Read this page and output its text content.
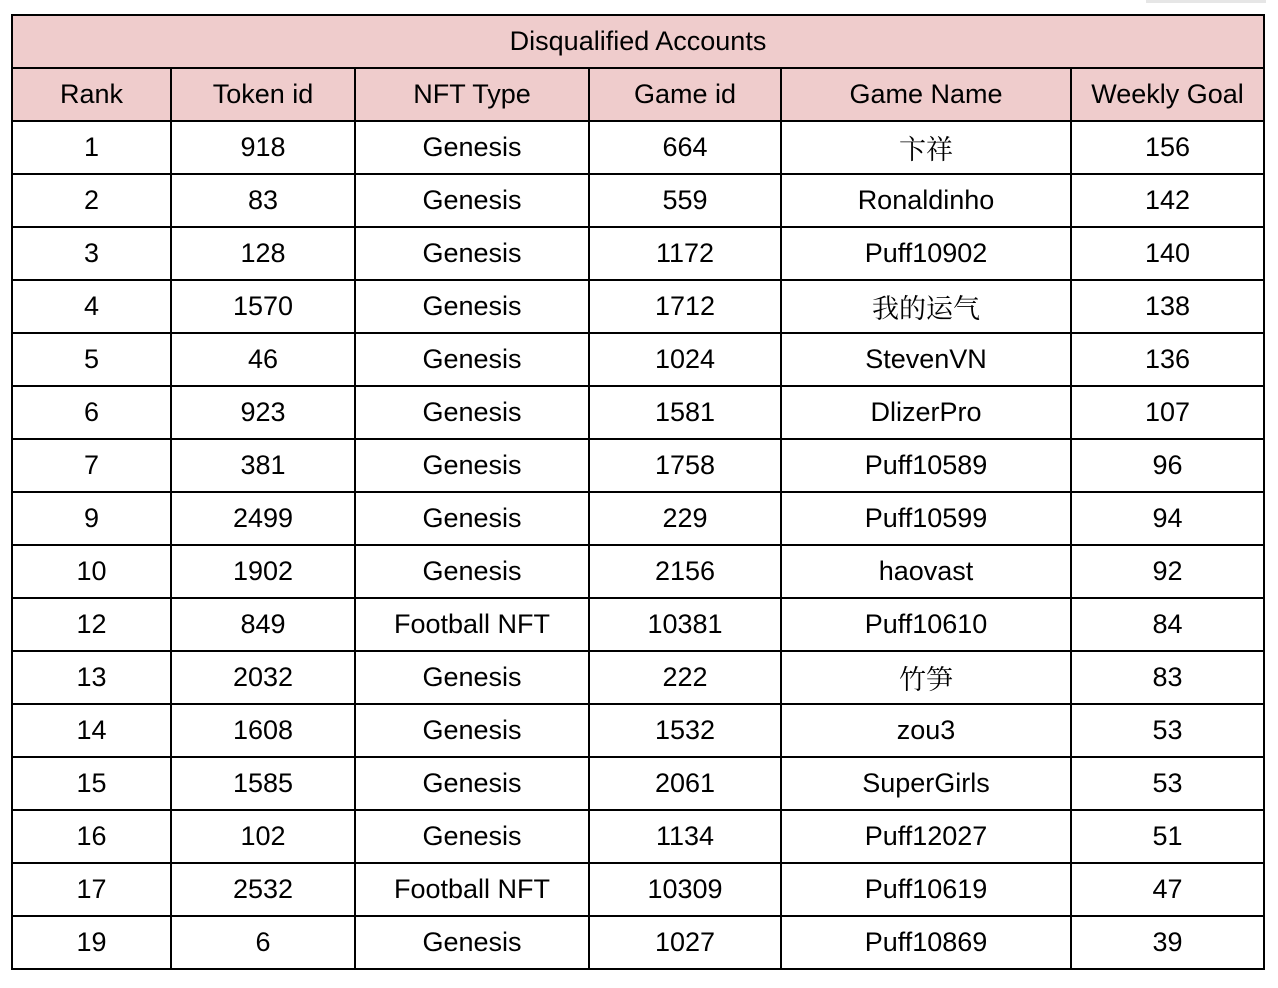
Disqualified Accounts					
Rank	Token id	NFT Type	Game id	Game Name	Weekly Goal
1	918	Genesis	664	卞祥	156
2	83	Genesis	559	Ronaldinho	142
3	128	Genesis	1172	Puff10902	140
4	1570	Genesis	1712	我的运气	138
5	46	Genesis	1024	StevenVN	136
6	923	Genesis	1581	DlizerPro	107
7	381	Genesis	1758	Puff10589	96
9	2499	Genesis	229	Puff10599	94
10	1902	Genesis	2156	haovast	92
12	849	Football NFT	10381	Puff10610	84
13	2032	Genesis	222	竹笋	83
14	1608	Genesis	1532	zou3	53
15	1585	Genesis	2061	SuperGirls	53
16	102	Genesis	1134	Puff12027	51
17	2532	Football NFT	10309	Puff10619	47
19	6	Genesis	1027	Puff10869	39
